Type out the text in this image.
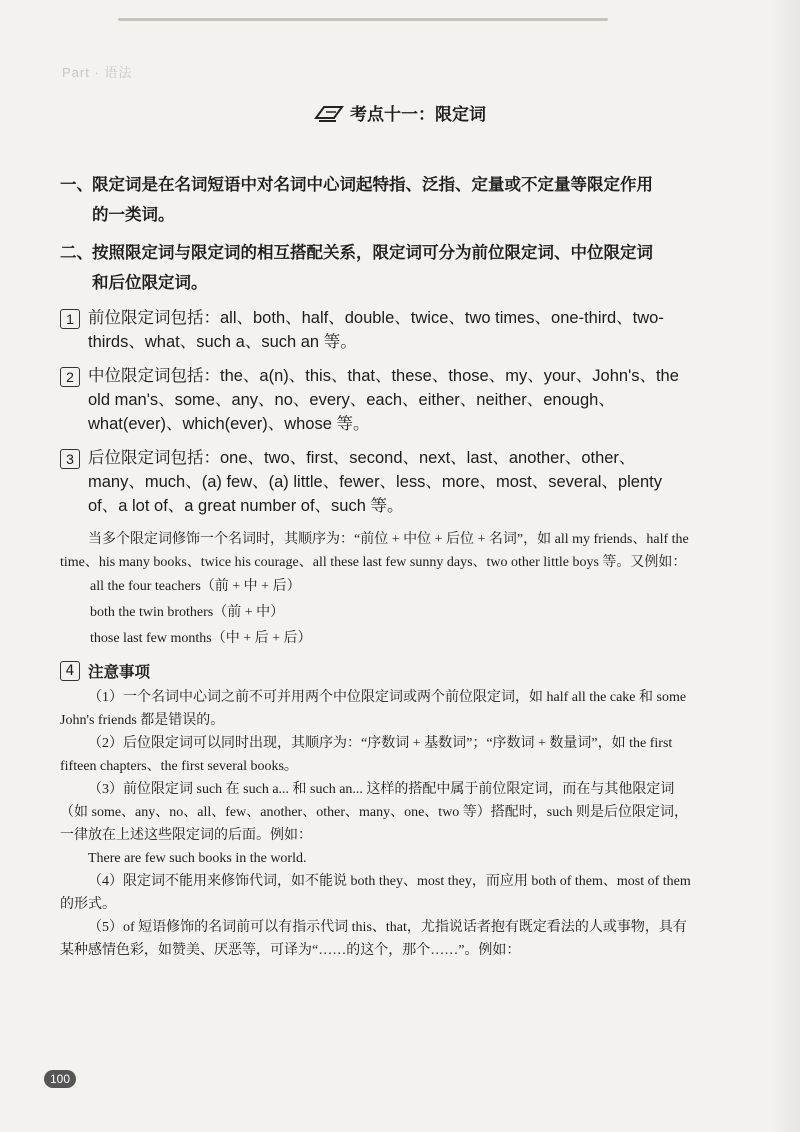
Part · 语法
考点十一：限定词
一、限定词是在名词短语中对名词中心词起特指、泛指、定量或不定量等限定作用
的一类词。
二、按照限定词与限定词的相互搭配关系，限定词可分为前位限定词、中位限定词
和后位限定词。
1 前位限定词包括：all、both、half、double、twice、two times、one-third、two-thirds、what、such a、such an 等。
2 中位限定词包括：the、a(n)、this、that、these、those、my、your、John's、the old man's、some、any、no、every、each、either、neither、enough、what(ever)、which(ever)、whose 等。
3 后位限定词包括：one、two、first、second、next、last、another、other、many、much、(a) few、(a) little、fewer、less、more、most、several、plenty of、a lot of、a great number of、such 等。

当多个限定词修饰一个名词时，其顺序为：“前位 + 中位 + 后位 + 名词”，如 all my friends、half the time、his many books、twice his courage、all these last few sunny days、two other little boys 等。又例如：

all the four teachers（前 + 中 + 后）
both the twin brothers（前 + 中）
those last few months（中 + 后 + 后）
4 注意事项

（1）一个名词中心词之前不可并用两个中位限定词或两个前位限定词，如 half all the cake 和 some John's friends 都是错误的。

（2）后位限定词可以同时出现，其顺序为：“序数词 + 基数词”；“序数词 + 数量词”，如 the first fifteen chapters、the first several books。

（3）前位限定词 such 在 such a... 和 such an... 这样的搭配中属于前位限定词，而在与其他限定词（如 some、any、no、all、few、another、other、many、one、two 等）搭配时，such 则是后位限定词，一律放在上述这些限定词的后面。例如：

There are few such books in the world.

（4）限定词不能用来修饰代词，如不能说 both they、most they，而应用 both of them、most of them 的形式。

（5）of 短语修饰的名词前可以有指示代词 this、that，尤指说话者抱有既定看法的人或事物，具有某种感情色彩，如赞美、厌恶等，可译为“……的这个，那个……”。例如：

100
